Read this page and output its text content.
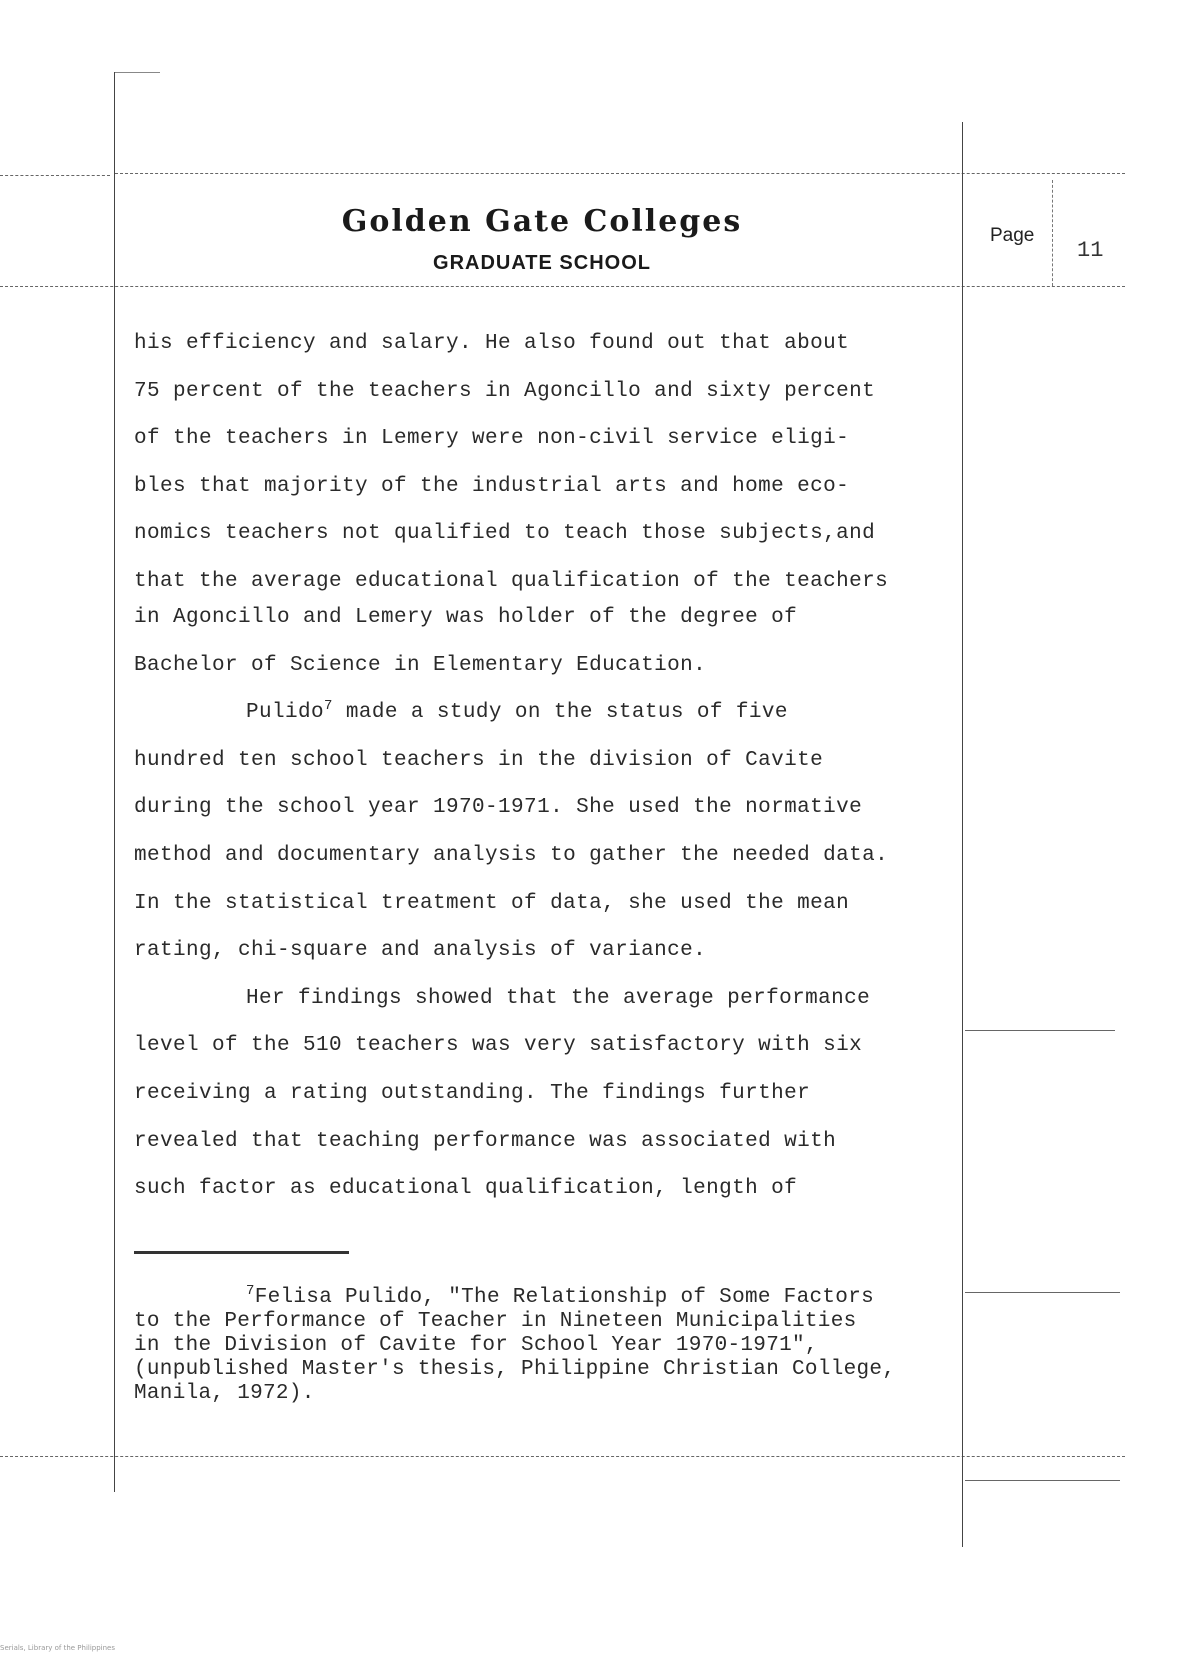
Golden Gate Colleges
GRADUATE SCHOOL
Page
11
his efficiency and salary. He also found out that about
75 percent of the teachers in Agoncillo and sixty percent
of the teachers in Lemery were non-civil service eligi-
bles that majority of the industrial arts and home eco-
nomics teachers not qualified to teach those subjects,and
that the average educational qualification of the teachers
in Agoncillo and Lemery was holder of the degree of
Bachelor of Science in Elementary Education.
Pulido$^7$ made a study on the status of five
hundred ten school teachers in the division of Cavite
during the school year 1970-1971. She used the normative
method and documentary analysis to gather the needed data.
In the statistical treatment of data, she used the mean
rating, chi-square and analysis of variance.
Her findings showed that the average performance
level of the 510 teachers was very satisfactory with six
receiving a rating outstanding. The findings further
revealed that teaching performance was associated with
such factor as educational qualification, length of
$^7$Felisa Pulido, "The Relationship of Some Factors
to the Performance of Teacher in Nineteen Municipalities
in the Division of Cavite for School Year 1970-1971",
(unpublished Master's thesis, Philippine Christian College,
Manila, 1972).
Serials, Library of the Philippines
